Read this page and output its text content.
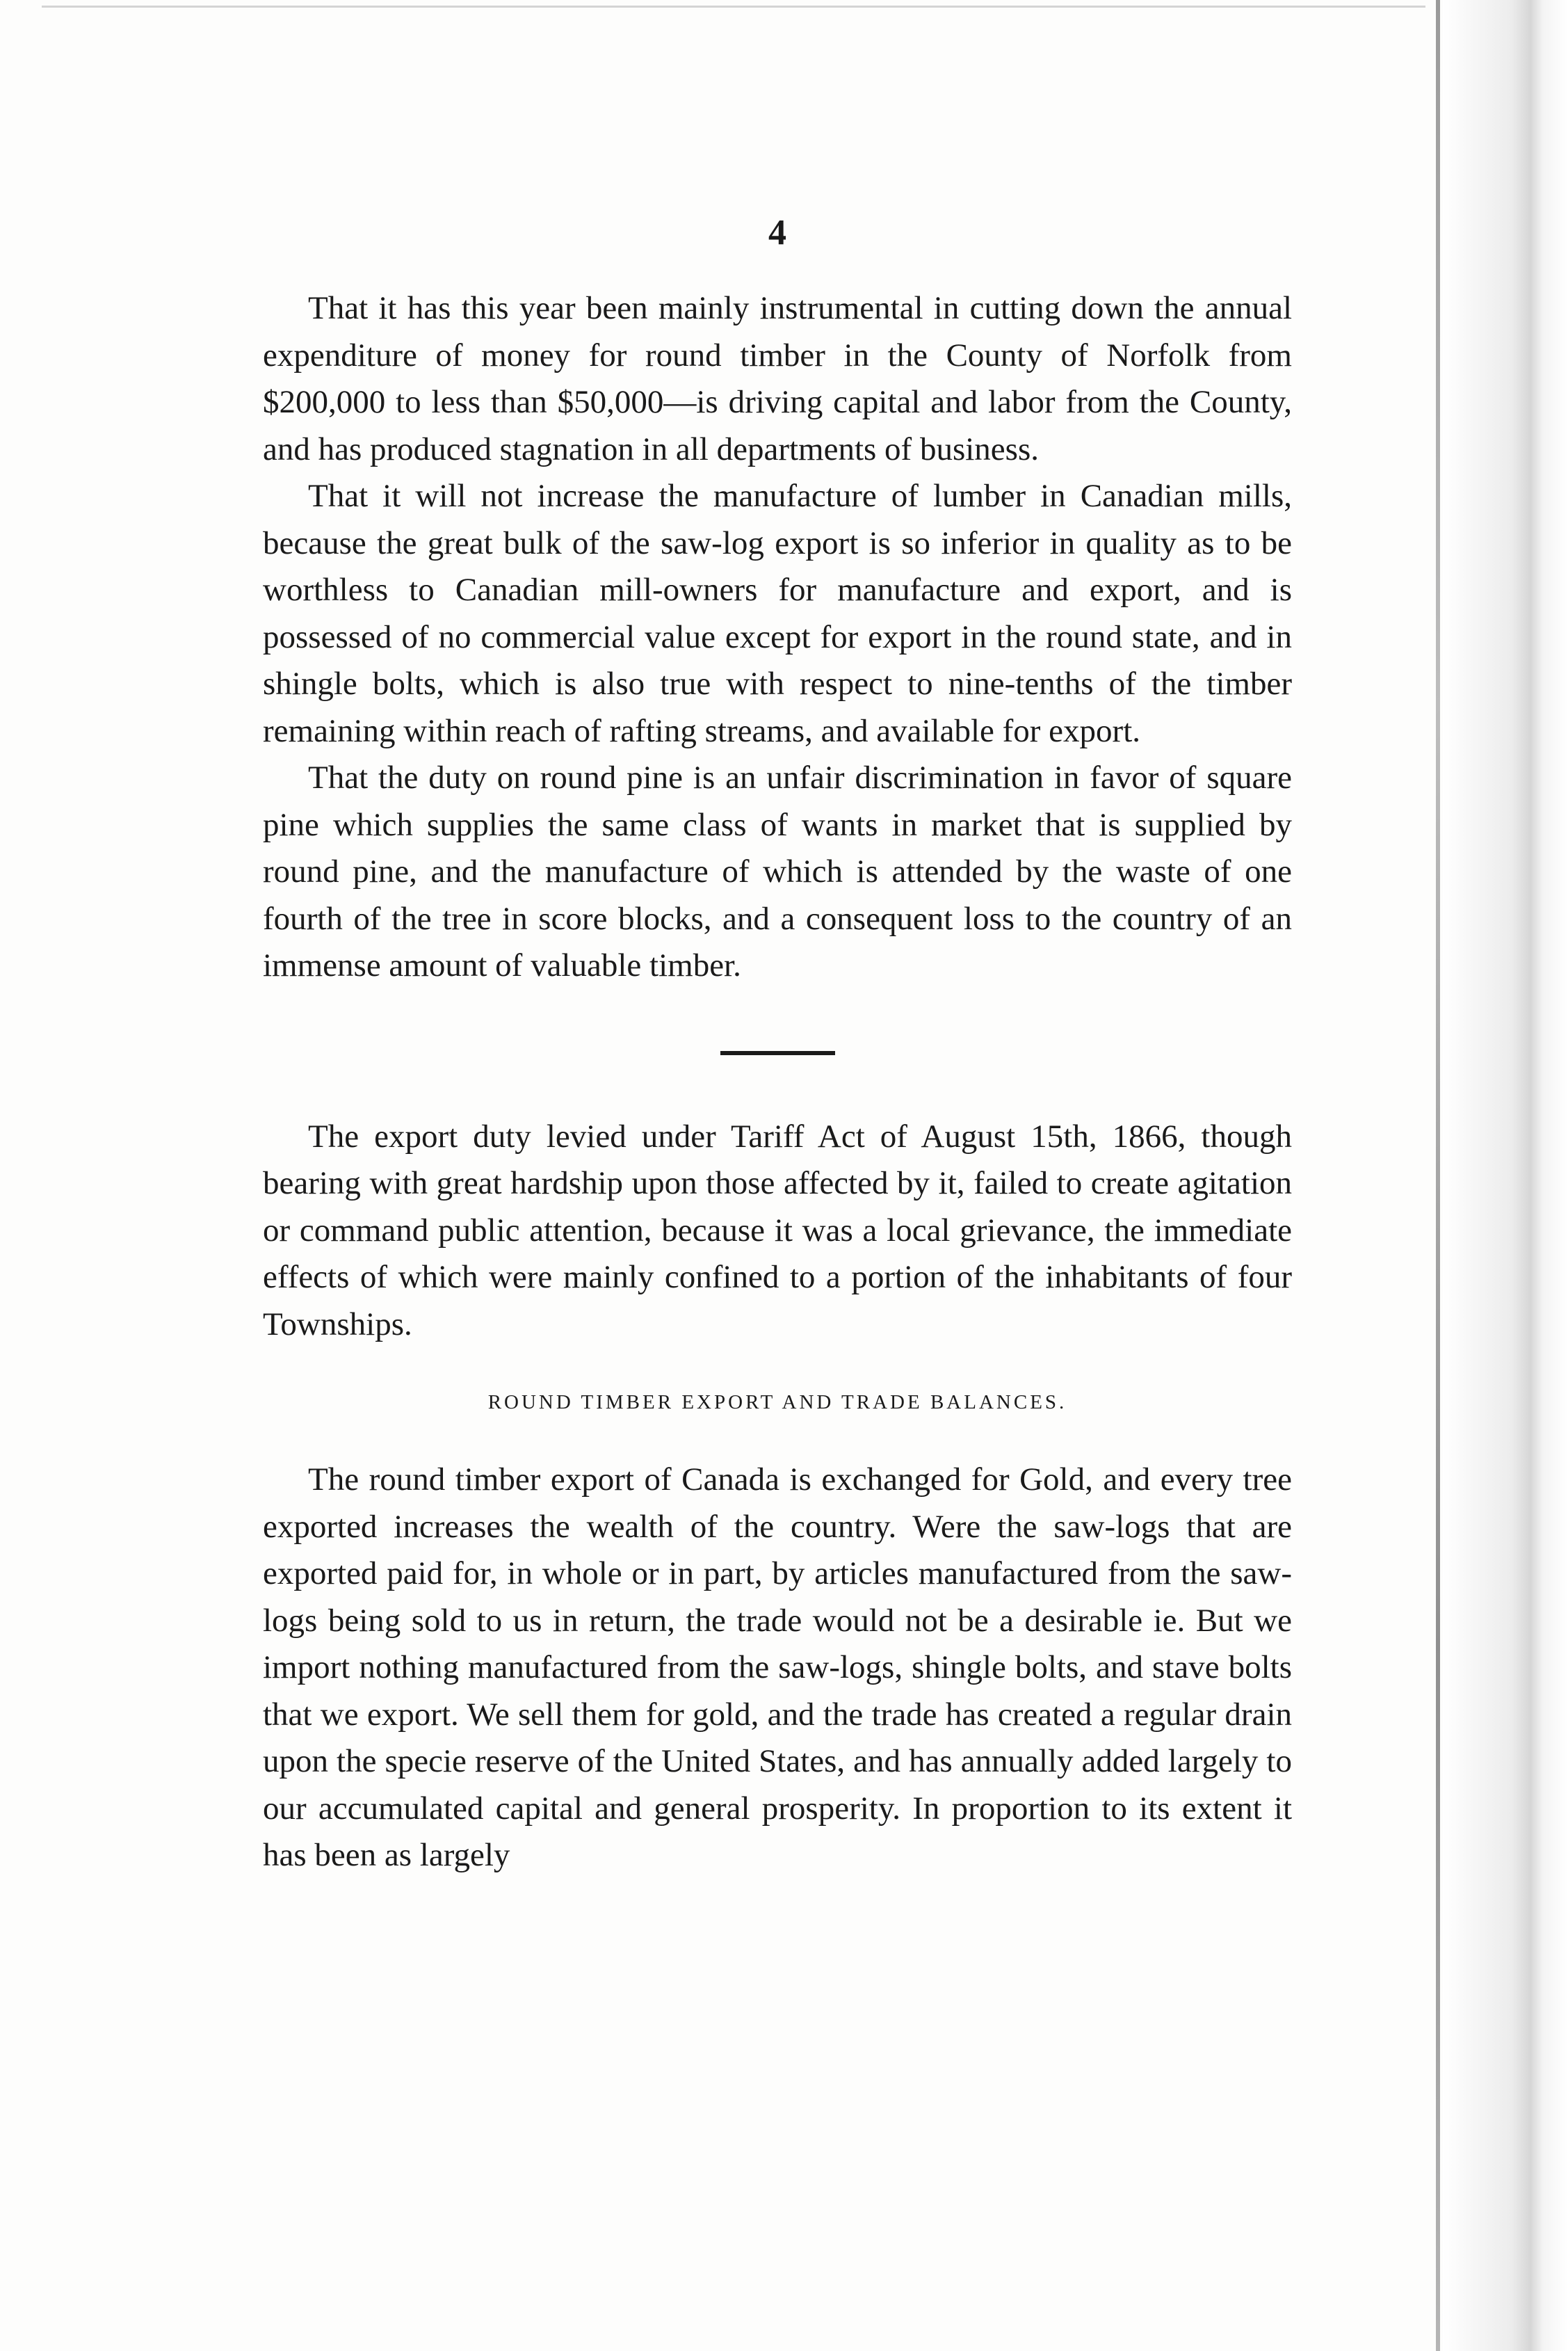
4

That it has this year been mainly instrumental in cutting down the annual expenditure of money for round timber in the County of Norfolk from $200,000 to less than $50,000—is driving capital and labor from the County, and has produced stagnation in all departments of business.

That it will not increase the manufacture of lumber in Canadian mills, because the great bulk of the saw-log export is so inferior in quality as to be worthless to Canadian mill-owners for manufacture and export, and is possessed of no commercial value except for export in the round state, and in shingle bolts, which is also true with respect to nine-tenths of the timber remaining within reach of rafting streams, and available for export.

That the duty on round pine is an unfair discrimination in favor of square pine which supplies the same class of wants in market that is supplied by round pine, and the manufacture of which is attended by the waste of one fourth of the tree in score blocks, and a consequent loss to the country of an immense amount of valuable timber.

The export duty levied under Tariff Act of August 15th, 1866, though bearing with great hardship upon those affected by it, failed to create agitation or command public attention, because it was a local grievance, the immediate effects of which were mainly confined to a portion of the inhabitants of four Townships.

ROUND TIMBER EXPORT AND TRADE BALANCES.

The round timber export of Canada is exchanged for Gold, and every tree exported increases the wealth of the country. Were the saw-logs that are exported paid for, in whole or in part, by articles manufactured from the saw-logs being sold to us in return, the trade would not be a desirable ie. But we import nothing manufactured from the saw-logs, shingle bolts, and stave bolts that we export. We sell them for gold, and the trade has created a regular drain upon the specie reserve of the United States, and has annually added largely to our accumulated capital and general prosperity. In proportion to its extent it has been as largely
